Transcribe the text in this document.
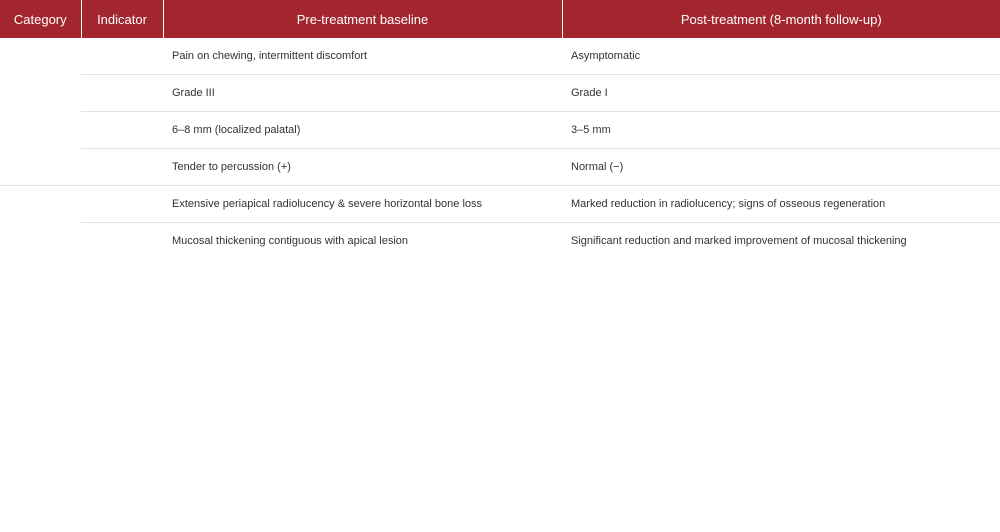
Category	Indicator	Pre-treatment baseline	Post-treatment (8-month follow-up)
		Pain on chewing, intermittent discomfort	Asymptomatic
		Grade III	Grade I
		6–8 mm (localized palatal)	3–5 mm
		Tender to percussion (+)	Normal (−)
		Extensive periapical radiolucency & severe horizontal bone loss	Marked reduction in radiolucency; signs of osseous regeneration
		Mucosal thickening contiguous with apical lesion	Significant reduction and marked improvement of mucosal thickening
